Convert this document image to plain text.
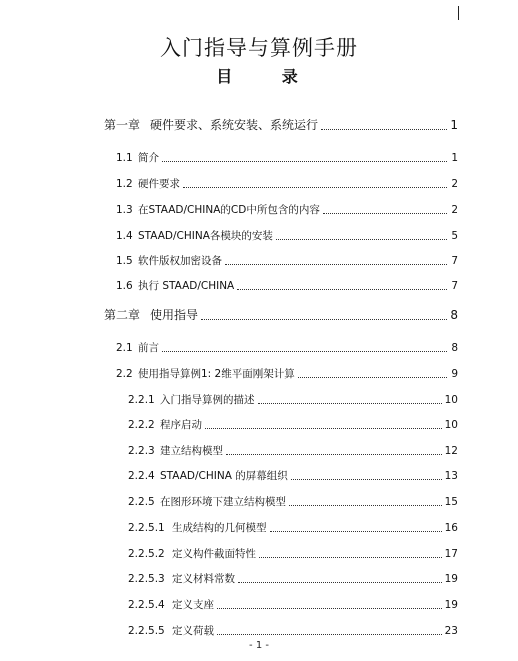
入门指导与算例手册
目 录
第一章 硬件要求、系统安装、系统运行	1
1.1 简介	1
1.2 硬件要求	2
1.3 在STAAD/CHINA的CD中所包含的内容	2
1.4 STAAD/CHINA各模块的安装	5
1.5 软件版权加密设备	7
1.6 执行 STAAD/CHINA	7
第二章 使用指导	8
2.1 前言	8
2.2 使用指导算例1: 2维平面刚架计算	9
2.2.1 入门指导算例的描述	10
2.2.2 程序启动	10
2.2.3 建立结构模型	12
2.2.4 STAAD/CHINA 的屏幕组织	13
2.2.5 在图形环境下建立结构模型	15
2.2.5.1 生成结构的几何模型	16
2.2.5.2 定义构件截面特性	17
2.2.5.3 定义材料常数	19
2.2.5.4 定义支座	19
2.2.5.5 定义荷载	23
- 1 -
